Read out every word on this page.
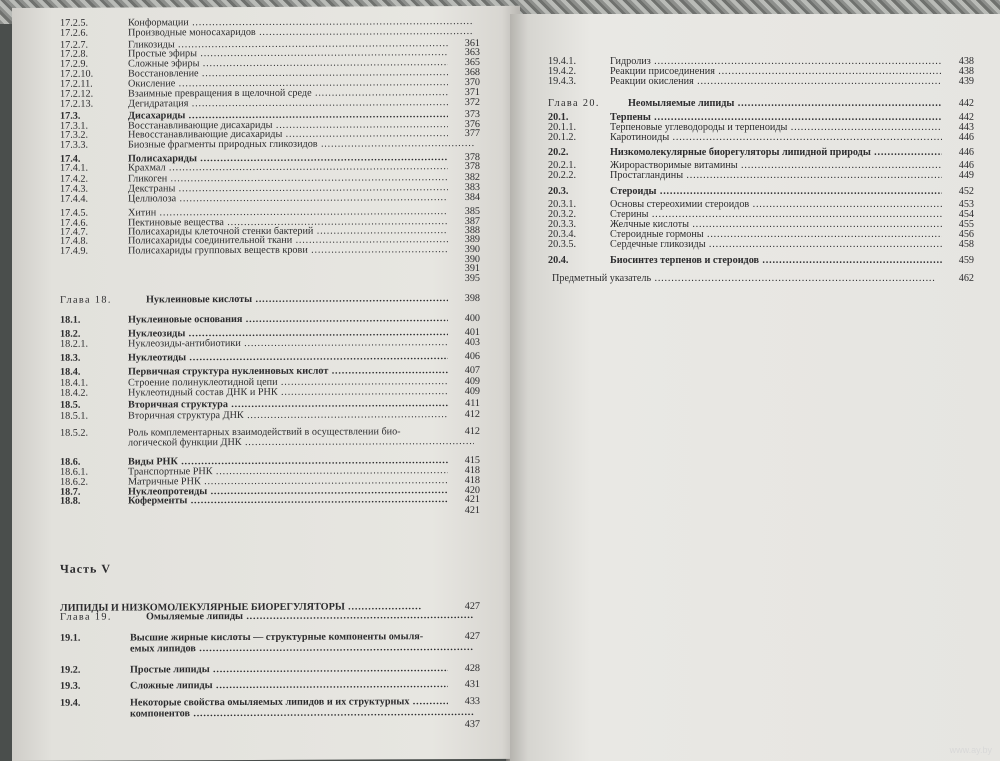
17.2.5.	Конформации .....
17.2.6.	Производные моносахаридов .....
17.2.7.	Гликозиды .....	361
17.2.8.	Простые эфиры .....	363
17.2.9.	Сложные эфиры .....	365
17.2.10.	Восстановление .....	368
17.2.11.	Окисление .....	370
17.2.12.	Взаимные превращения в щелочной среде .....	371
17.2.13.	Дегидратация .....	372
17.3.	Дисахариды .....	373
17.3.1.	Восстанавливающие дисахариды .....	376
17.3.2.	Невосстанавливающие дисахариды .....	377
17.3.3.	Биозные фрагменты природных гликозидов .....
17.4.	Полисахариды .....	378
17.4.1.	Крахмал .....	378
17.4.2.	Гликоген .....	382
17.4.3.	Декстраны .....	383
17.4.4.	Целлюлоза .....	384
17.4.5.	Хитин .....	385
17.4.6.	Пектиновые вещества .....	387
17.4.7.	Полисахариды клеточной стенки бактерий .....	388
17.4.8.	Полисахариды соединительной ткани .....	389
17.4.9.	Полисахариды групповых веществ крови .....	390
390
391
395
Глава 18.	Нуклеиновые кислоты .....	398
18.1.	Нуклеиновые основания .....	400
18.2.	Нуклеозиды .....	401
18.2.1.	Нуклеозиды-антибиотики .....	403
18.3.	Нуклеотиды .....	406
18.4.	Первичная структура нуклеиновых кислот .....	407
18.4.1.	Строение полинуклеотидной цепи .....	409
18.4.2.	Нуклеотидный состав ДНК и РНК .....	409
18.5.	Вторичная структура .....	411
18.5.1.	Вторичная структура ДНК .....	412
18.5.2.	Роль комплементарных взаимодействий в осуществлении био-	412
логической функции ДНК .....
18.6.	Виды РНК .....	415
18.6.1.	Транспортные РНК .....	418
18.6.2.	Матричные РНК .....	418
18.7.	Нуклеопротеиды .....	420
18.8.	Коферменты .....	421
421
Часть V
ЛИПИДЫ И НИЗКОМОЛЕКУЛЯРНЫЕ БИОРЕГУЛЯТОРЫ .....	427
Глава 19.	Омыляемые липиды .....
19.1.	Высшие жирные кислоты — структурные компоненты омыля-	427
емых липидов .....
19.2.	Простые липиды .....	428
19.3.	Сложные липиды .....	431
19.4.	Некоторые свойства омыляемых липидов и их структурных .....	433
компонентов .....
437
19.4.1.	Гидролиз .....	438
19.4.2.	Реакции присоединения .....	438
19.4.3.	Реакции окисления .....	439
Глава 20.	Неомыляемые липиды .....	442
20.1.	Терпены .....	442
20.1.1.	Терпеновые углеводороды и терпеноиды .....	443
20.1.2.	Каротиноиды .....	446
20.2.	Низкомолекулярные биорегуляторы липидной природы .....	446
20.2.1.	Жирорастворимые витамины .....	446
20.2.2.	Простагландины .....	449
20.3.	Стероиды .....	452
20.3.1.	Основы стереохимии стероидов .....	453
20.3.2.	Стерины .....	454
20.3.3.	Желчные кислоты .....	455
20.3.4.	Стероидные гормоны .....	456
20.3.5.	Сердечные гликозиды .....	458
20.4.	Биосинтез терпенов и стероидов .....	459
Предметный указатель .....	462
www.ay.by
